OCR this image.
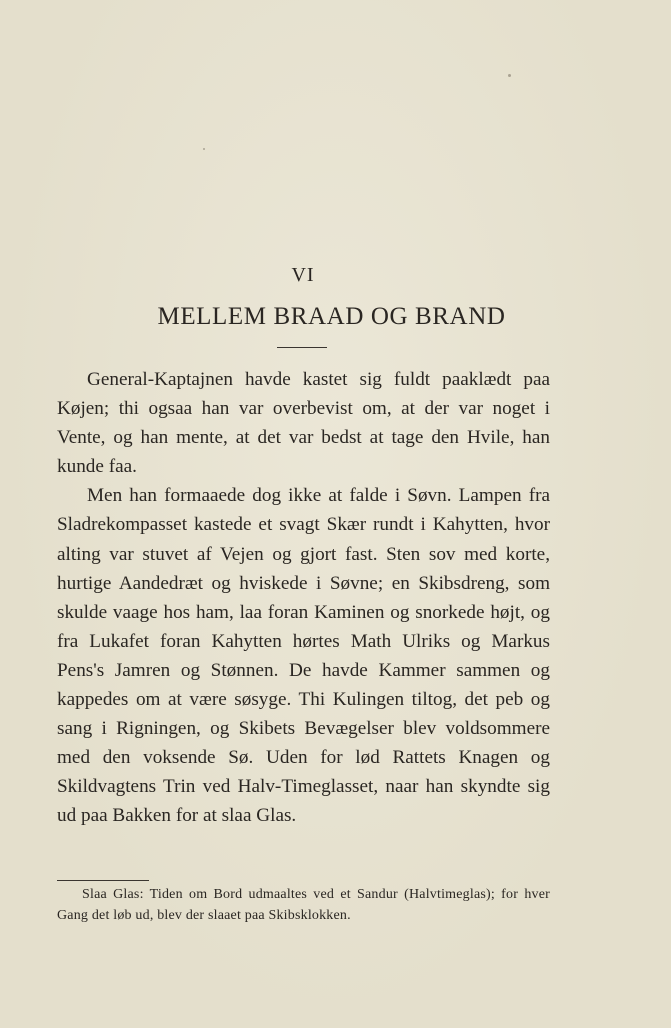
VI
MELLEM BRAAD OG BRAND

General-Kaptajnen havde kastet sig fuldt paaklædt paa Køjen; thi ogsaa han var overbevist om, at der var noget i Vente, og han mente, at det var bedst at tage den Hvile, han kunde faa.

Men han formaaede dog ikke at falde i Søvn. Lampen fra Sladrekompasset kastede et svagt Skær rundt i Kahytten, hvor alting var stuvet af Vejen og gjort fast. Sten sov med korte, hurtige Aandedræt og hviskede i Søvne; en Skibsdreng, som skulde vaage hos ham, laa foran Kaminen og snorkede højt, og fra Lukafet foran Kahytten hørtes Math Ulriks og Markus Pens's Jamren og Stønnen. De havde Kammer sammen og kappedes om at være søsyge. Thi Kulingen tiltog, det peb og sang i Rigningen, og Skibets Bevægelser blev voldsommere med den voksende Sø. Uden for lød Rattets Knagen og Skildvagtens Trin ved Halv-Timeglasset, naar han skyndte sig ud paa Bakken for at slaa Glas.

Slaa Glas: Tiden om Bord udmaaltes ved et Sandur (Halvtimeglas); for hver Gang det løb ud, blev der slaaet paa Skibsklokken.
